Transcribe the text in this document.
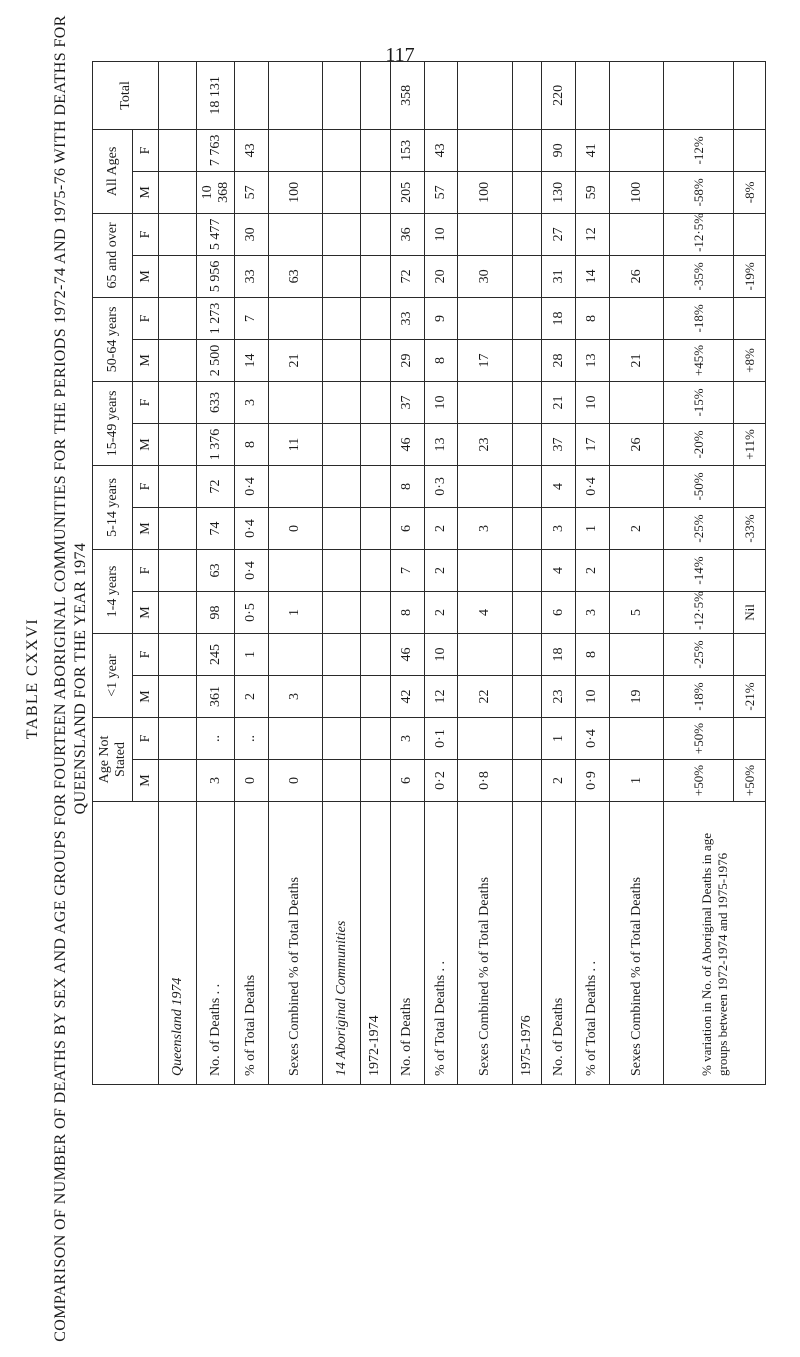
117
TABLE CXXVI COMPARISON OF NUMBER OF DEATHS BY SEX AND AGE GROUPS FOR FOURTEEN ABORIGINAL COMMUNITIES FOR THE PERIODS 1972-74 AND 1975-76 WITH DEATHS FOR QUEENSLAND FOR THE YEAR 1974
	Age Not Stated		<1 year		1-4 years		5-14 years		15-49 years		50-64 years		65 and over		All Ages		Total
	M	F	M	F	M	F	M	F	M	F	M	F	M	F	M	F	
Queensland 1974																	
No. of Deaths . .	3	..	361	245	98	63	74	72	1 376	633	2 500	1 273	5 956	5 477	10 368	7 763	18 131
% of Total Deaths	0	..	2	1	0·5	0·4	0·4	0·4	8	3	14	7	33	30	57	43	
Sexes Combined % of Total Deaths	0		3		1		0		11		21		63		100		
14 Aboriginal Communities																	
1972-1974																	
No. of Deaths	6	3	42	46	8	7	6	8	46	37	29	33	72	36	205	153	358
% of Total Deaths . .	0·2	0·1	12	10	2	2	2	0·3	13	10	8	9	20	10	57	43	
Sexes Combined % of Total Deaths	0·8		22		4		3		23		17		30		100		
1975-1976																	
No. of Deaths	2	1	23	18	6	4	3	4	37	21	28	18	31	27	130	90	220
% of Total Deaths . .	0·9	0·4	10	8	3	2	1	0·4	17	10	13	8	14	12	59	41	
Sexes Combined % of Total Deaths	1		19		5		2		26		21		26		100		
% variation in No. of Aboriginal Deaths in age groups between 1972-1974 and 1975-1976	+50%	+50%	-18%	-25%	-12·5%	-14%	-25%	-50%	-20%	-15%	+45%	-18%	-35%	-12·5%	-58%	-12%	
	+50%		-21%		Nil		-33%		+11%		+8%		-19%		-8%		
